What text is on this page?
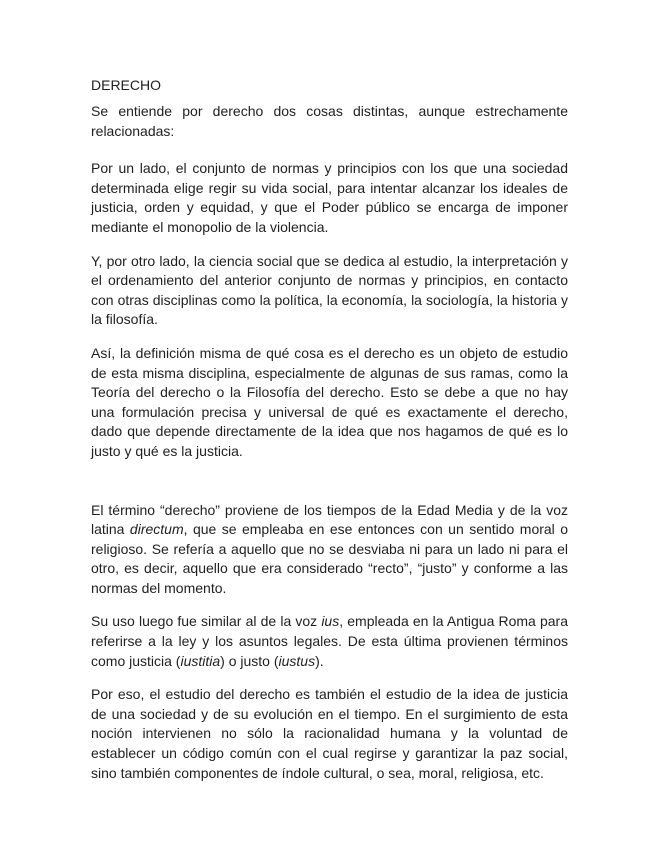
DERECHO

Se entiende por derecho dos cosas distintas, aunque estrechamente relacionadas:

Por un lado, el conjunto de normas y principios con los que una sociedad determinada elige regir su vida social, para intentar alcanzar los ideales de justicia, orden y equidad, y que el Poder público se encarga de imponer mediante el monopolio de la violencia.

Y, por otro lado, la ciencia social que se dedica al estudio, la interpretación y el ordenamiento del anterior conjunto de normas y principios, en contacto con otras disciplinas como la política, la economía, la sociología, la historia y la filosofía.

Así, la definición misma de qué cosa es el derecho es un objeto de estudio de esta misma disciplina, especialmente de algunas de sus ramas, como la Teoría del derecho o la Filosofía del derecho. Esto se debe a que no hay una formulación precisa y universal de qué es exactamente el derecho, dado que depende directamente de la idea que nos hagamos de qué es lo justo y qué es la justicia.

El término “derecho” proviene de los tiempos de la Edad Media y de la voz latina directum, que se empleaba en ese entonces con un sentido moral o religioso. Se refería a aquello que no se desviaba ni para un lado ni para el otro, es decir, aquello que era considerado “recto”, “justo” y conforme a las normas del momento.

Su uso luego fue similar al de la voz ius, empleada en la Antigua Roma para referirse a la ley y los asuntos legales. De esta última provienen términos como justicia (iustitia) o justo (iustus).

Por eso, el estudio del derecho es también el estudio de la idea de justicia de una sociedad y de su evolución en el tiempo. En el surgimiento de esta noción intervienen no sólo la racionalidad humana y la voluntad de establecer un código común con el cual regirse y garantizar la paz social, sino también componentes de índole cultural, o sea, moral, religiosa, etc.
